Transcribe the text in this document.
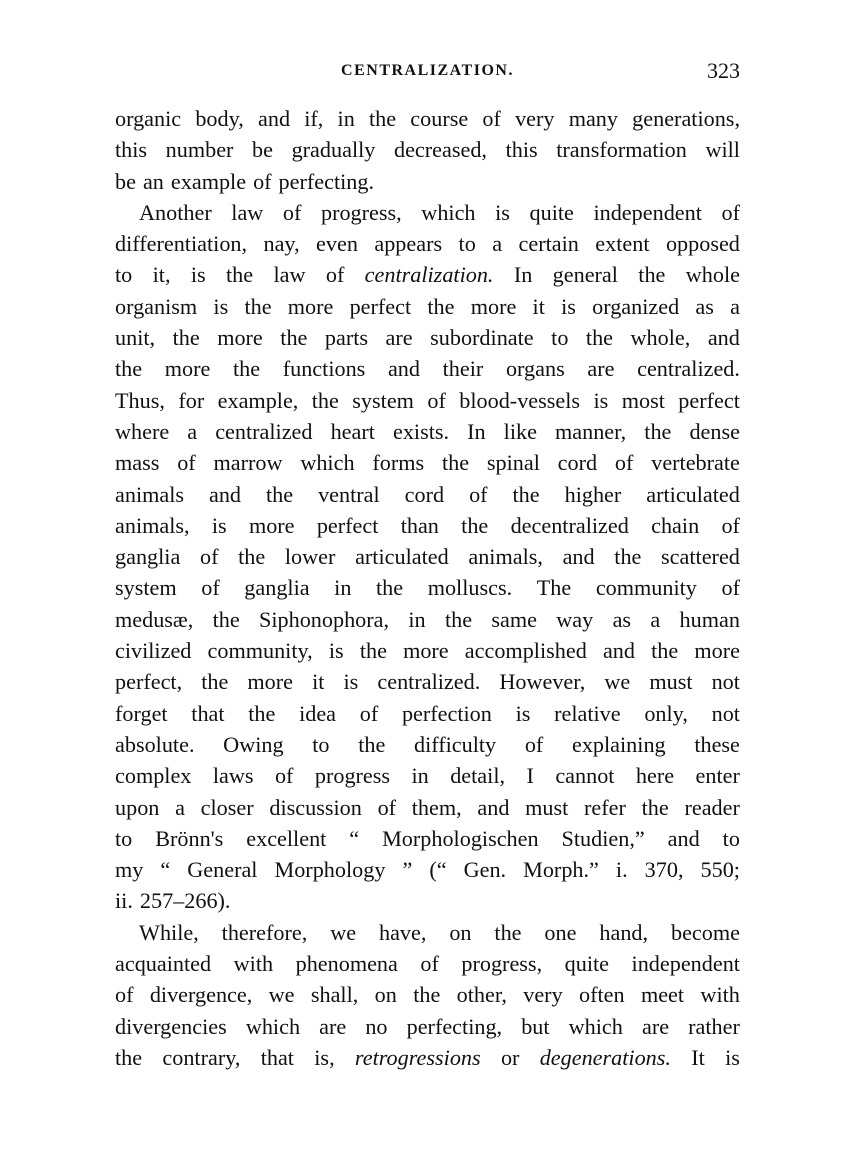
CENTRALIZATION.	323
organic body, and if, in the course of very many generations,
this number be gradually decreased, this transformation will
be an example of perfecting.
Another law of progress, which is quite independent of
differentiation, nay, even appears to a certain extent opposed
to it, is the law of centralization. In general the whole
organism is the more perfect the more it is organized as a
unit, the more the parts are subordinate to the whole, and
the more the functions and their organs are centralized.
Thus, for example, the system of blood-vessels is most perfect
where a centralized heart exists. In like manner, the dense
mass of marrow which forms the spinal cord of vertebrate
animals and the ventral cord of the higher articulated
animals, is more perfect than the decentralized chain of
ganglia of the lower articulated animals, and the scattered
system of ganglia in the molluscs. The community of
medusæ, the Siphonophora, in the same way as a human
civilized community, is the more accomplished and the more
perfect, the more it is centralized. However, we must not
forget that the idea of perfection is relative only, not
absolute. Owing to the difficulty of explaining these
complex laws of progress in detail, I cannot here enter
upon a closer discussion of them, and must refer the reader
to Brönn's excellent “ Morphologischen Studien,” and to
my “ General Morphology ” (“ Gen. Morph.” i. 370, 550;
ii. 257–266).
While, therefore, we have, on the one hand, become
acquainted with phenomena of progress, quite independent
of divergence, we shall, on the other, very often meet with
divergencies which are no perfecting, but which are rather
the contrary, that is, retrogressions or degenerations. It is
